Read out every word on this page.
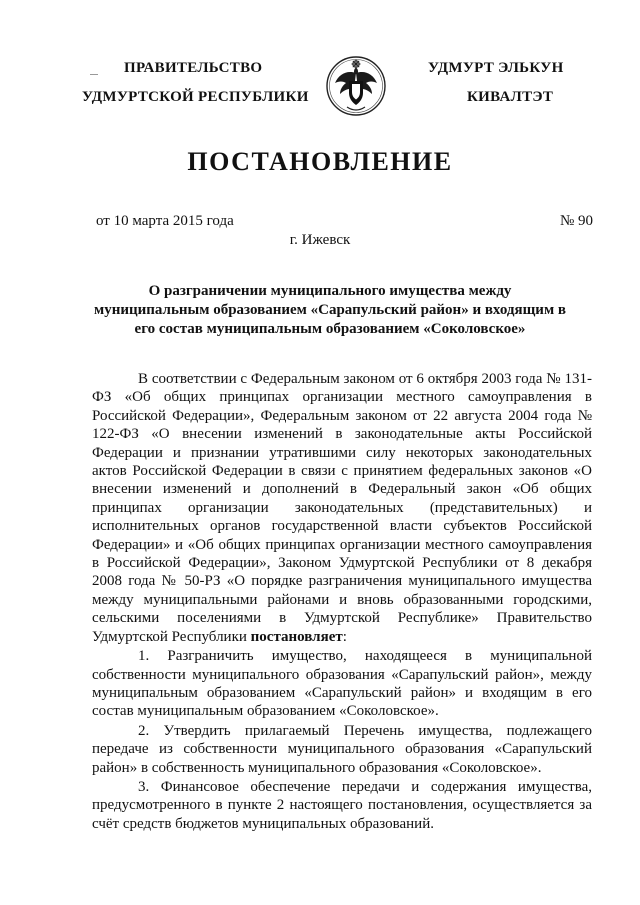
ПРАВИТЕЛЬСТВО
УДМУРТСКОЙ РЕСПУБЛИКИ
УДМУРТ ЭЛЬКУН
КИВАЛТЭТ
ПОСТАНОВЛЕНИЕ
от 10 марта 2015 года	№ 90
г. Ижевск
О разграничении муниципального имущества между муниципальным образованием «Сарапульский район» и входящим в его состав муниципальным образованием «Соколовское»

В соответствии с Федеральным законом от 6 октября 2003 года № 131-ФЗ «Об общих принципах организации местного самоуправления в Российской Федерации», Федеральным законом от 22 августа 2004 года № 122-ФЗ «О внесении изменений в законодательные акты Российской Федерации и признании утратившими силу некоторых законодательных актов Российской Федерации в связи с принятием федеральных законов «О внесении изменений и дополнений в Федеральный закон «Об общих принципах организации законодательных (представительных) и исполнительных органов государственной власти субъектов Российской Федерации» и «Об общих принципах организации местного самоуправления в Российской Федерации», Законом Удмуртской Республики от 8 декабря 2008 года № 50-РЗ «О порядке разграничения муниципального имущества между муниципальными районами и вновь образованными городскими, сельскими поселениями в Удмуртской Республике» Правительство Удмуртской Республики постановляет:

1. Разграничить имущество, находящееся в муниципальной собственности муниципального образования «Сарапульский район», между муниципальным образованием «Сарапульский район» и входящим в его состав муниципальным образованием «Соколовское».

2. Утвердить прилагаемый Перечень имущества, подлежащего передаче из собственности муниципального образования «Сарапульский район» в собственность муниципального образования «Соколовское».

3. Финансовое обеспечение передачи и содержания имущества, предусмотренного в пункте 2 настоящего постановления, осуществляется за счёт средств бюджетов муниципальных образований.
